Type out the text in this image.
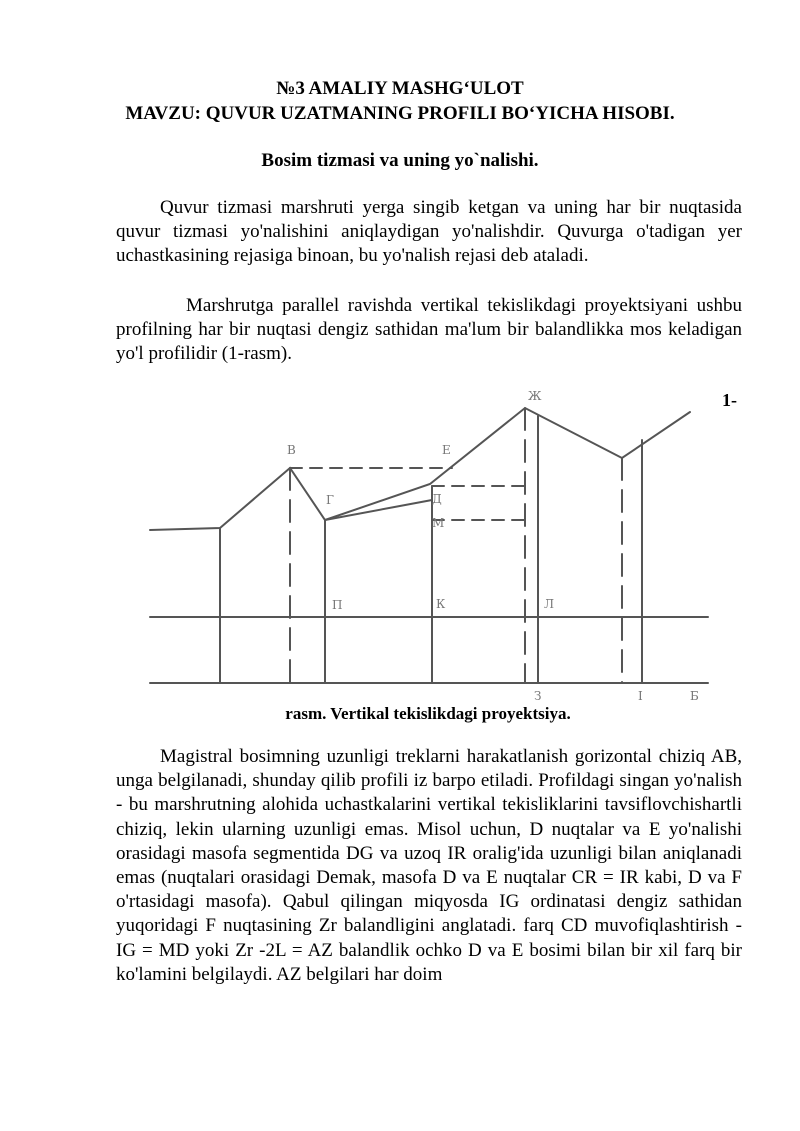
№3 AMALIY MASHG‘ULOT
MAVZU: QUVUR UZATMANING PROFILI BO‘YICHA HISOBI.
Bosim tizmasi va uning yo`nalishi.

Quvur tizmasi marshruti yerga singib ketgan va uning har bir nuqtasida quvur tizmasi yo'nalishini aniqlaydigan yo'nalishdir. Quvurga o'tadigan yer uchastkasining rejasiga binoan, bu yo'nalish rejasi deb ataladi.

Marshrutga parallel ravishda vertikal tekislikdagi proyektsiyani ushbu profilning har bir nuqtasi dengiz sathidan ma'lum bir balandlikka mos keladigan yo'l profilidir (1-rasm).

1-
В	Е
Ж
Г	Д
М
П	К	Л
З	І	Б
rasm. Vertikal tekislikdagi proyektsiya.

Magistral bosimning uzunligi treklarni harakatlanish gorizontal chiziq AB, unga belgilanadi, shunday qilib profili iz barpo etiladi. Profildagi singan yo'nalish - bu marshrutning alohida uchastkalarini vertikal tekisliklarini tavsiflovchishartli chiziq, lekin ularning uzunligi emas. Misol uchun, D nuqtalar va E yo'nalishi orasidagi masofa segmentida DG va uzoq IR oralig'ida uzunligi bilan aniqlanadi emas (nuqtalari orasidagi Demak, masofa D va E nuqtalar CR = IR kabi, D va F o'rtasidagi masofa). Qabul qilingan miqyosda IG ordinatasi dengiz sathidan yuqoridagi F nuqtasining Zr balandligini anglatadi. farq CD muvofiqlashtirish - IG = MD yoki Zr -2L = AZ balandlik ochko D va E bosimi bilan bir xil farq bir ko'lamini belgilaydi. AZ belgilari har doim
